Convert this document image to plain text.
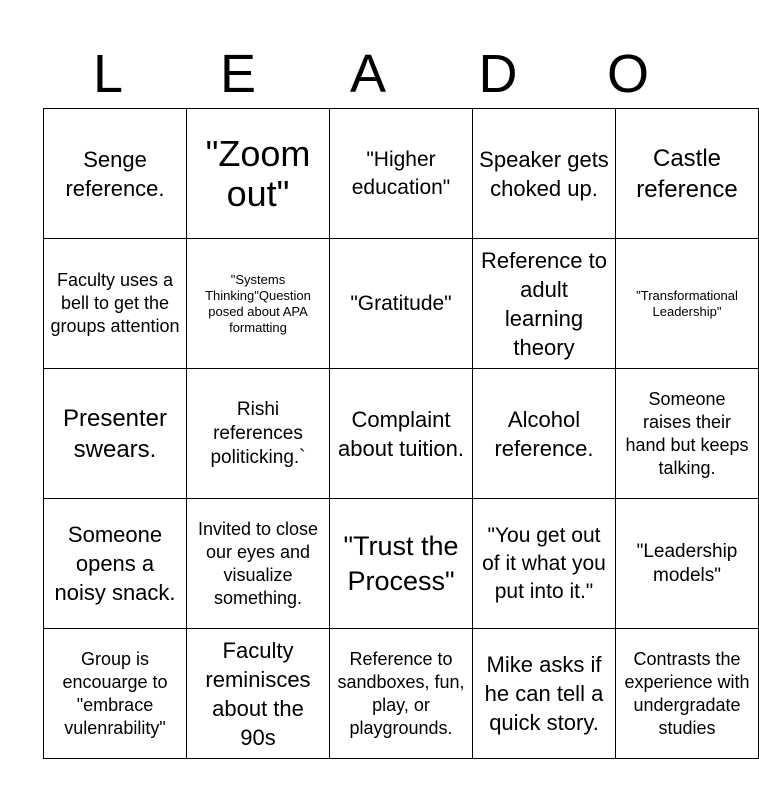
L	E	A	D	O
Senge reference.	"Zoom out"	"Higher education"	Speaker gets choked up.	Castle reference

Faculty uses a bell to get the groups attention	"Systems Thinking"Question posed about APA formatting	"Gratitude"	Reference to adult learning theory	"Transformational Leadership"

Presenter swears.	Rishi references politicking.`	Complaint about tuition.	Alcohol reference.	Someone raises their hand but keeps talking.

Someone opens a noisy snack.	Invited to close our eyes and visualize something.	"Trust the Process"	"You get out of it what you put into it."	"Leadership models"

Group is encouarge to "embrace vulenrability"	Faculty reminisces about the 90s	Reference to sandboxes, fun, play, or playgrounds.	Mike asks if he can tell a quick story.	Contrasts the experience with undergradate studies
